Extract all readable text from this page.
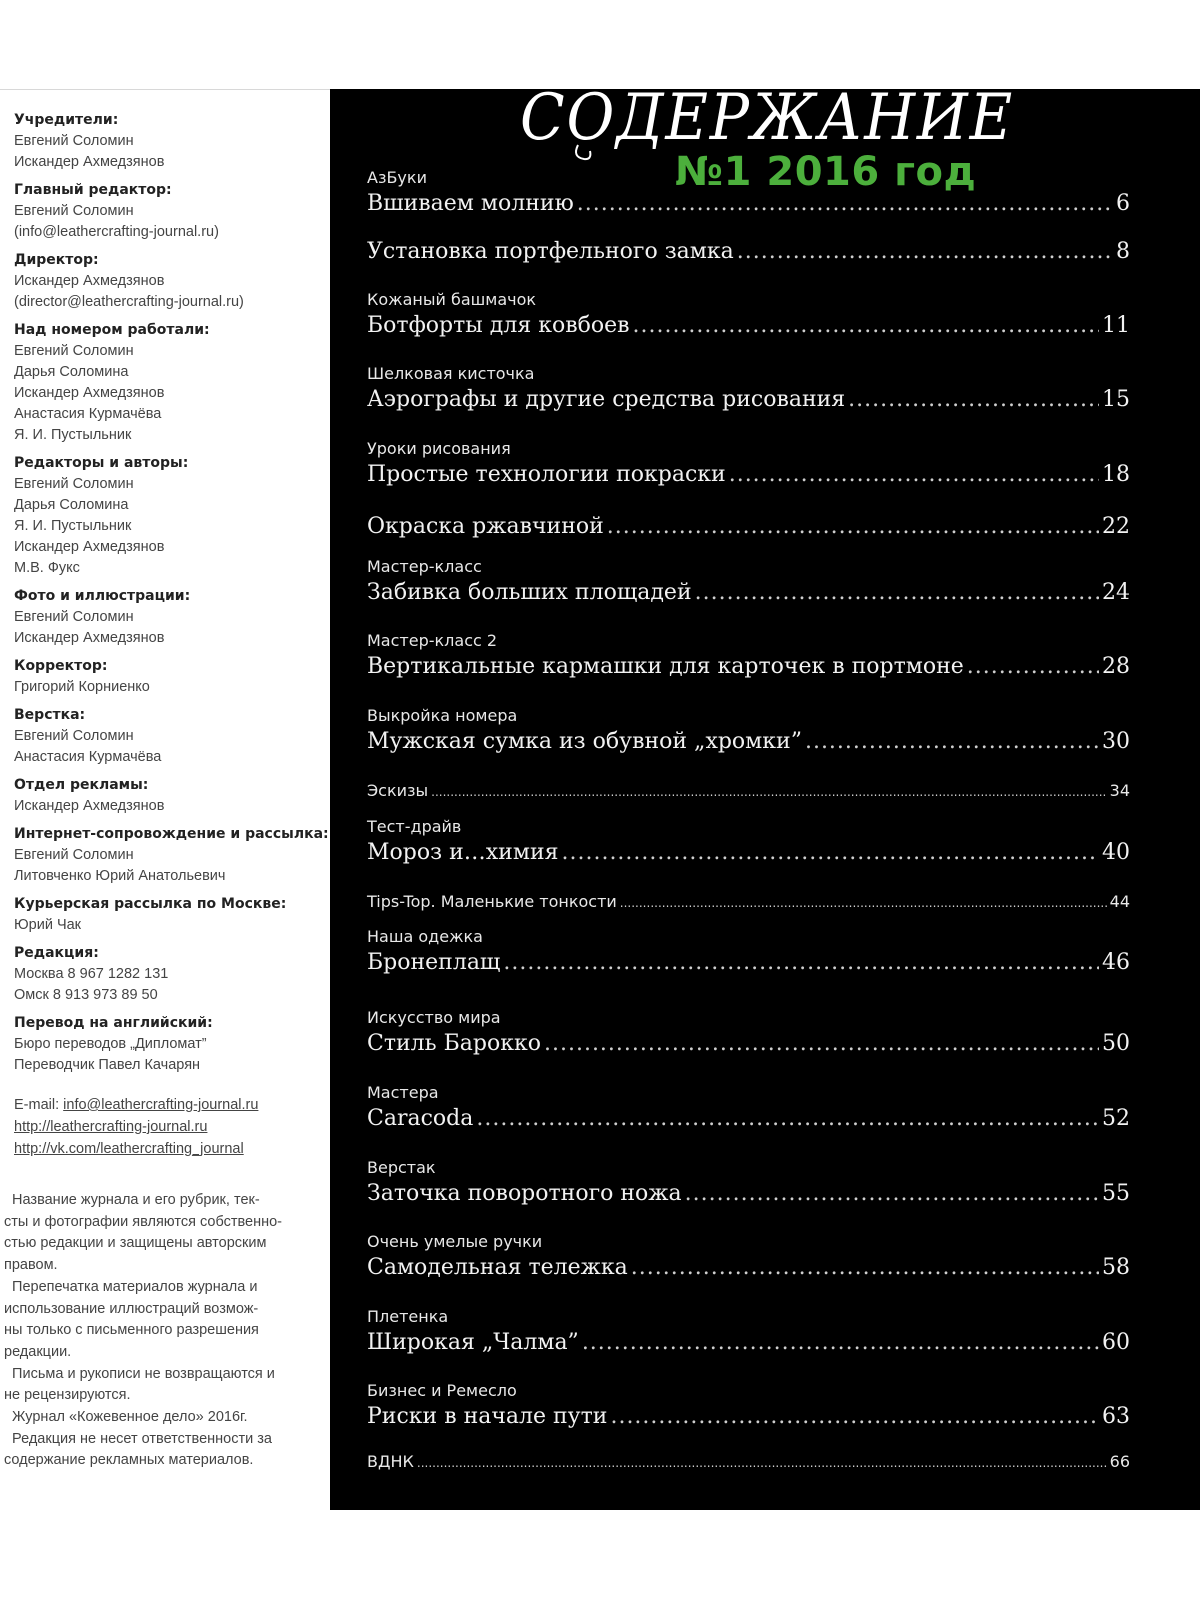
Учредители:
Евгений Соломин
Искандер Ахмедзянов
Главный редактор:
Евгений Соломин
(info@leathercrafting-journal.ru)
Директор:
Искандер Ахмедзянов
(director@leathercrafting-journal.ru)
Над номером работали:
Евгений Соломин
Дарья Соломина
Искандер Ахмедзянов
Анастасия Курмачёва
Я. И. Пустыльник
Редакторы и авторы:
Евгений Соломин
Дарья Соломина
Я. И. Пустыльник
Искандер Ахмедзянов
М.В. Фукс
Фото и иллюстрации:
Евгений Соломин
Искандер Ахмедзянов
Корректор:
Григорий Корниенко
Верстка:
Евгений Соломин
Анастасия Курмачёва
Отдел рекламы:
Искандер Ахмедзянов
Интернет-сопровождение и рассылка:
Евгений Соломин
Литовченко Юрий Анатольевич
Курьерская рассылка по Москве:
Юрий Чак
Редакция:
Москва 8 967 1282 131
Омск 8 913 973 89 50
Перевод на английский:
Бюро переводов „Дипломат”
Переводчик Павел Качарян
E-mail: info@leathercrafting-journal.ru
http://leathercrafting-journal.ru
http://vk.com/leathercrafting_journal
Название журнала и его рубрик, тек-
сты и фотографии являются собственно-
стью редакции и защищены авторским
правом.
Перепечатка материалов журнала и
использование иллюстраций возмож-
ны только с письменного разрешения
редакции.
Письма и рукописи не возвращаются и
не рецензируются.
Журнал «Кожевенное дело» 2016г.
Редакция не несет ответственности за
содержание рекламных материалов.
СОДЕРЖАНИЕ
№1 2016 год
АзБуки
Вшиваем молнию .....	6
Установка портфельного замка .....	8
Кожаный башмачок
Ботфорты для ковбоев .....	11
Шелковая кисточка
Аэрографы и другие средства рисования .....	15
Уроки рисования
Простые технологии покраски .....	18
Окраска ржавчиной .....	22
Мастер-класс
Забивка больших площадей .....	24
Мастер-класс 2
Вертикальные кармашки для карточек в портмоне .....	28
Выкройка номера
Мужская сумка из обувной „хромки” .....	30
Эскизы .....	34
Тест-драйв
Мороз и…химия .....	40
Tips-Top. Маленькие тонкости .....	44
Наша одежка
Бронеплащ .....	46
Искусство мира
Стиль Барокко .....	50
Мастера
Caracoda .....	52
Верстак
Заточка поворотного ножа .....	55
Очень умелые ручки
Самодельная тележка .....	58
Плетенка
Широкая „Чалма” .....	60
Бизнес и Ремесло
Риски в начале пути .....	63
ВДНК .....	66
